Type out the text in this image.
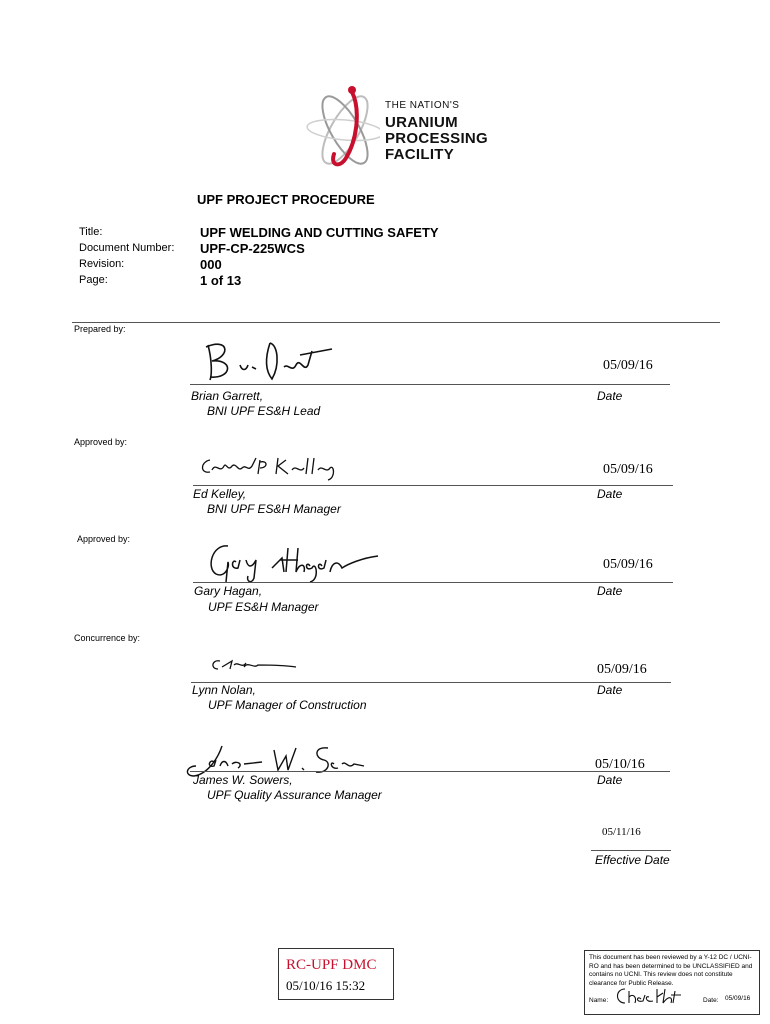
THE NATION'S
URANIUM
PROCESSING
FACILITY
UPF PROJECT PROCEDURE
Title:	UPF WELDING AND CUTTING SAFETY
Document Number: UPF-CP-225WCS
Revision:	000
Page:	1 of 13
Prepared by:
05/09/16
Brian Garrett,
BNI UPF ES&H Lead
Date
Approved by:
05/09/16
Ed Kelley,
BNI UPF ES&H Manager
Date
Approved by:
05/09/16
Gary Hagan,
UPF ES&H Manager
Date
Concurrence by:
05/09/16
Lynn Nolan,
UPF Manager of Construction
Date
05/10/16
James W. Sowers,
UPF Quality Assurance Manager
Date
05/11/16
Effective Date
RC-UPF DMC
05/10/16 15:32
This document has been reviewed by a Y-12 DC / UCNI-RO and has been determined to be UNCLASSIFIED and contains no UCNI. This review does not constitute clearance for Public Release.
Name:	Date: 05/09/16
